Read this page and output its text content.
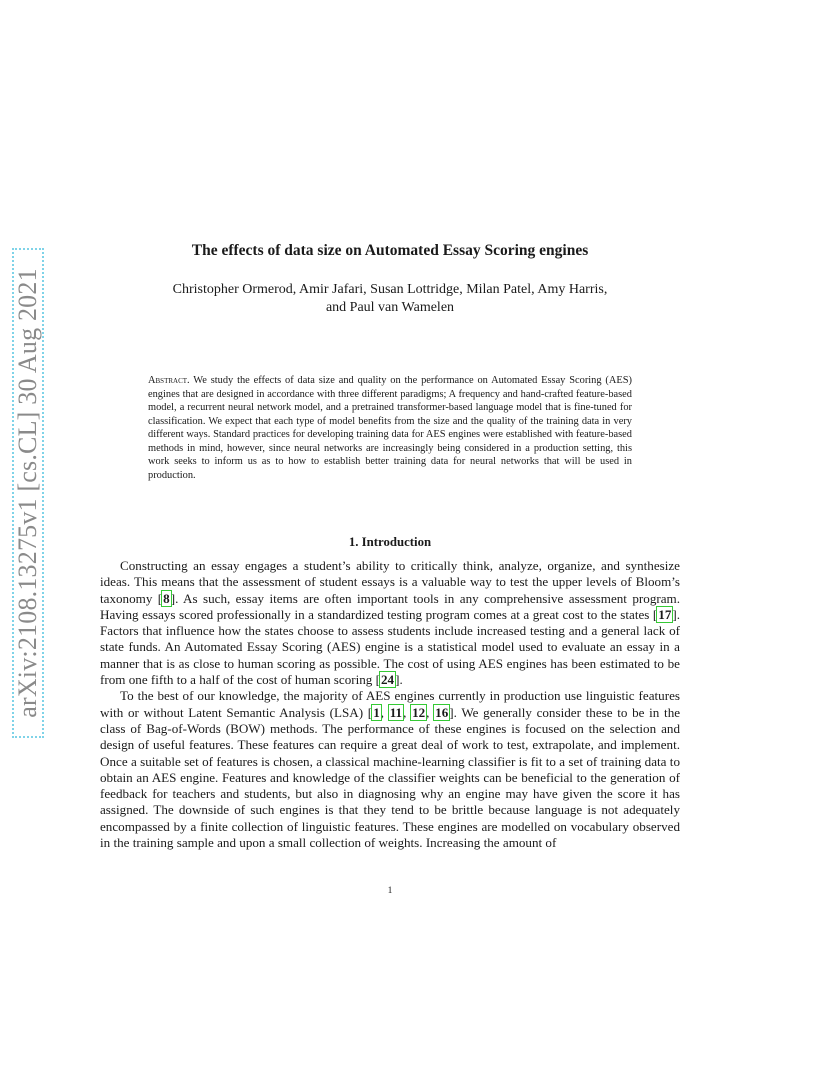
arXiv:2108.13275v1 [cs.CL] 30 Aug 2021
The effects of data size on Automated Essay Scoring engines
Christopher Ormerod, Amir Jafari, Susan Lottridge, Milan Patel, Amy Harris,
and Paul van Wamelen
Abstract. We study the effects of data size and quality on the performance on Automated Essay Scoring (AES) engines that are designed in accordance with three different paradigms; A frequency and hand-crafted feature-based model, a recurrent neural network model, and a pretrained transformer-based language model that is fine-tuned for classification. We expect that each type of model benefits from the size and the quality of the training data in very different ways. Standard practices for developing training data for AES engines were established with feature-based methods in mind, however, since neural networks are increasingly being considered in a production setting, this work seeks to inform us as to how to establish better training data for neural networks that will be used in production.
1. Introduction

Constructing an essay engages a student’s ability to critically think, analyze, organize, and synthesize ideas. This means that the assessment of student essays is a valuable way to test the upper levels of Bloom’s taxonomy [8]. As such, essay items are often important tools in any comprehensive assessment program. Having essays scored professionally in a standardized testing program comes at a great cost to the states [17]. Factors that influence how the states choose to assess students include increased testing and a general lack of state funds. An Automated Essay Scoring (AES) engine is a statistical model used to evaluate an essay in a manner that is as close to human scoring as possible. The cost of using AES engines has been estimated to be from one fifth to a half of the cost of human scoring [24].

To the best of our knowledge, the majority of AES engines currently in production use linguistic features with or without Latent Semantic Analysis (LSA) [1, 11, 12, 16]. We generally consider these to be in the class of Bag-of-Words (BOW) methods. The performance of these engines is focused on the selection and design of useful features. These features can require a great deal of work to test, extrapolate, and implement. Once a suitable set of features is chosen, a classical machine-learning classifier is fit to a set of training data to obtain an AES engine. Features and knowledge of the classifier weights can be beneficial to the generation of feedback for teachers and students, but also in diagnosing why an engine may have given the score it has assigned. The downside of such engines is that they tend to be brittle because language is not adequately encompassed by a finite collection of linguistic features. These engines are modelled on vocabulary observed in the training sample and upon a small collection of weights. Increasing the amount of

1
